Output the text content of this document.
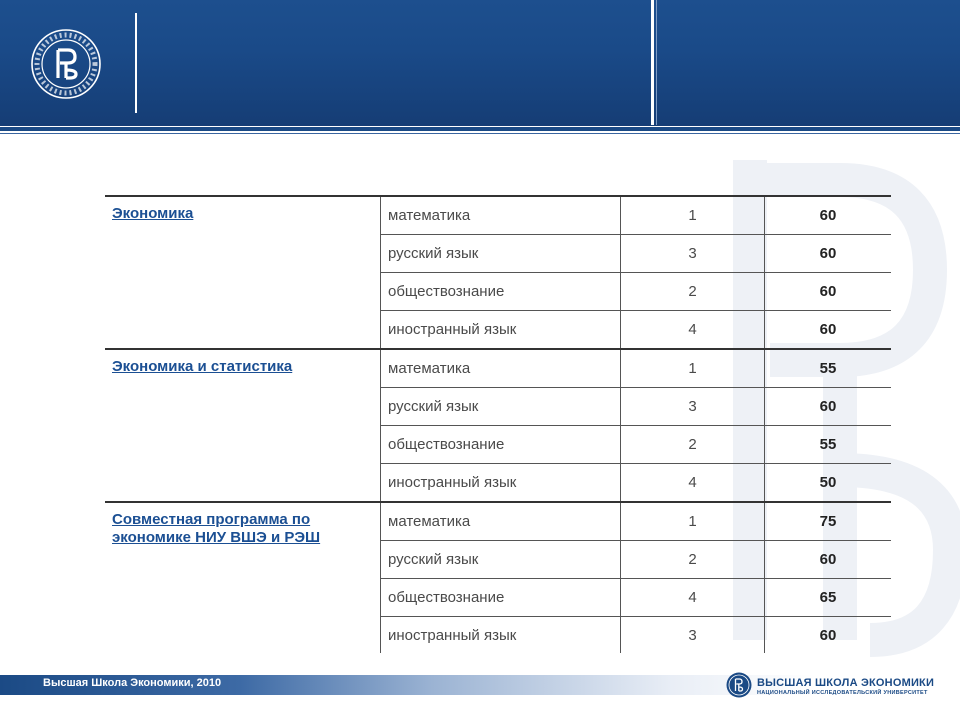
Экономика	математика	1	60
	русский язык	3	60
	обществознание	2	60
	иностранный язык	4	60

Экономика и статистика	математика	1	55
	русский язык	3	60
	обществознание	2	55
	иностранный язык	4	50

Совместная программа по экономике НИУ ВШЭ и РЭШ	математика	1	75
	русский язык	2	60
	обществознание	4	65
	иностранный язык	3	60
Высшая Школа Экономики, 2010	ВЫСШАЯ ШКОЛА ЭКОНОМИКИ
НАЦИОНАЛЬНЫЙ ИССЛЕДОВАТЕЛЬСКИЙ УНИВЕРСИТЕТ
